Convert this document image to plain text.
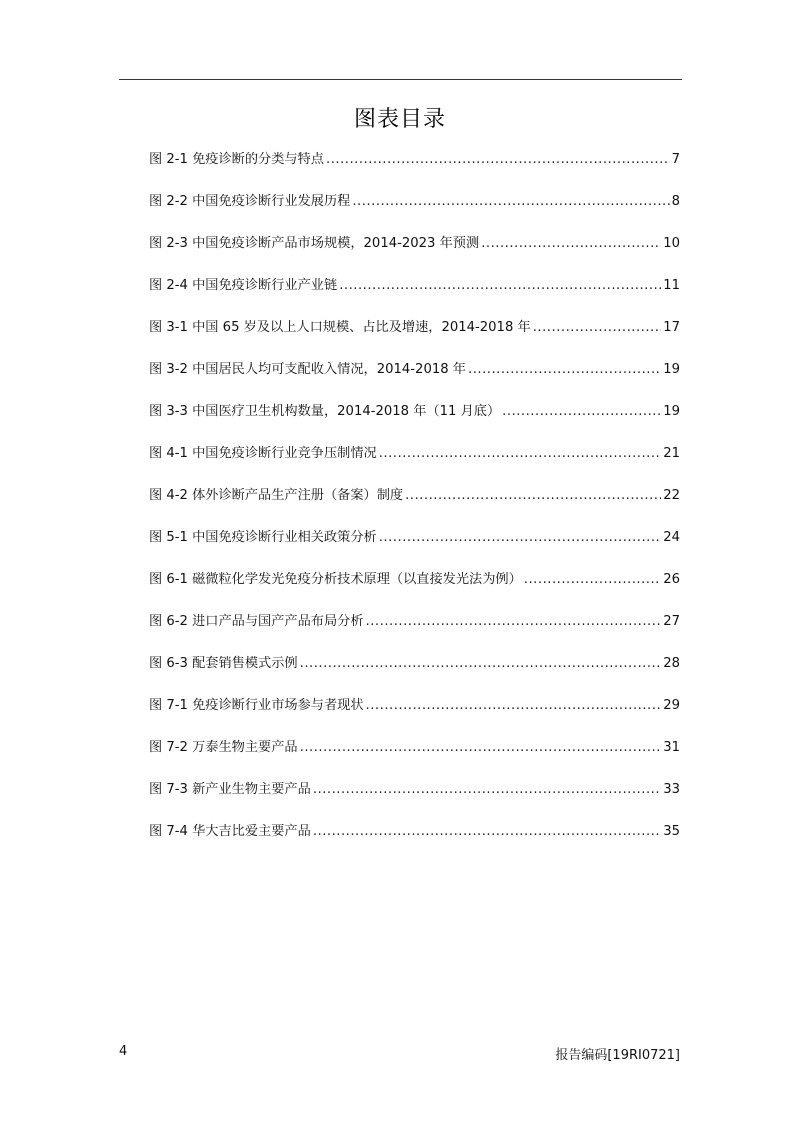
图表目录
图 2-1 免疫诊断的分类与特点 .....	7
图 2-2 中国免疫诊断行业发展历程 .....	8
图 2-3 中国免疫诊断产品市场规模，2014-2023 年预测 .....	10
图 2-4 中国免疫诊断行业产业链 .....	11
图 3-1 中国 65 岁及以上人口规模、占比及增速，2014-2018 年 .....	17
图 3-2 中国居民人均可支配收入情况，2014-2018 年 .....	19
图 3-3 中国医疗卫生机构数量，2014-2018 年（11 月底） .....	19
图 4-1 中国免疫诊断行业竞争压制情况 .....	21
图 4-2 体外诊断产品生产注册（备案）制度 .....	22
图 5-1 中国免疫诊断行业相关政策分析 .....	24
图 6-1 磁微粒化学发光免疫分析技术原理（以直接发光法为例） .....	26
图 6-2 进口产品与国产产品布局分析 .....	27
图 6-3 配套销售模式示例 .....	28
图 7-1 免疫诊断行业市场参与者现状 .....	29
图 7-2 万泰生物主要产品 .....	31
图 7-3 新产业生物主要产品 .....	33
图 7-4 华大吉比爱主要产品 .....	35
4	报告编码[19RI0721]
